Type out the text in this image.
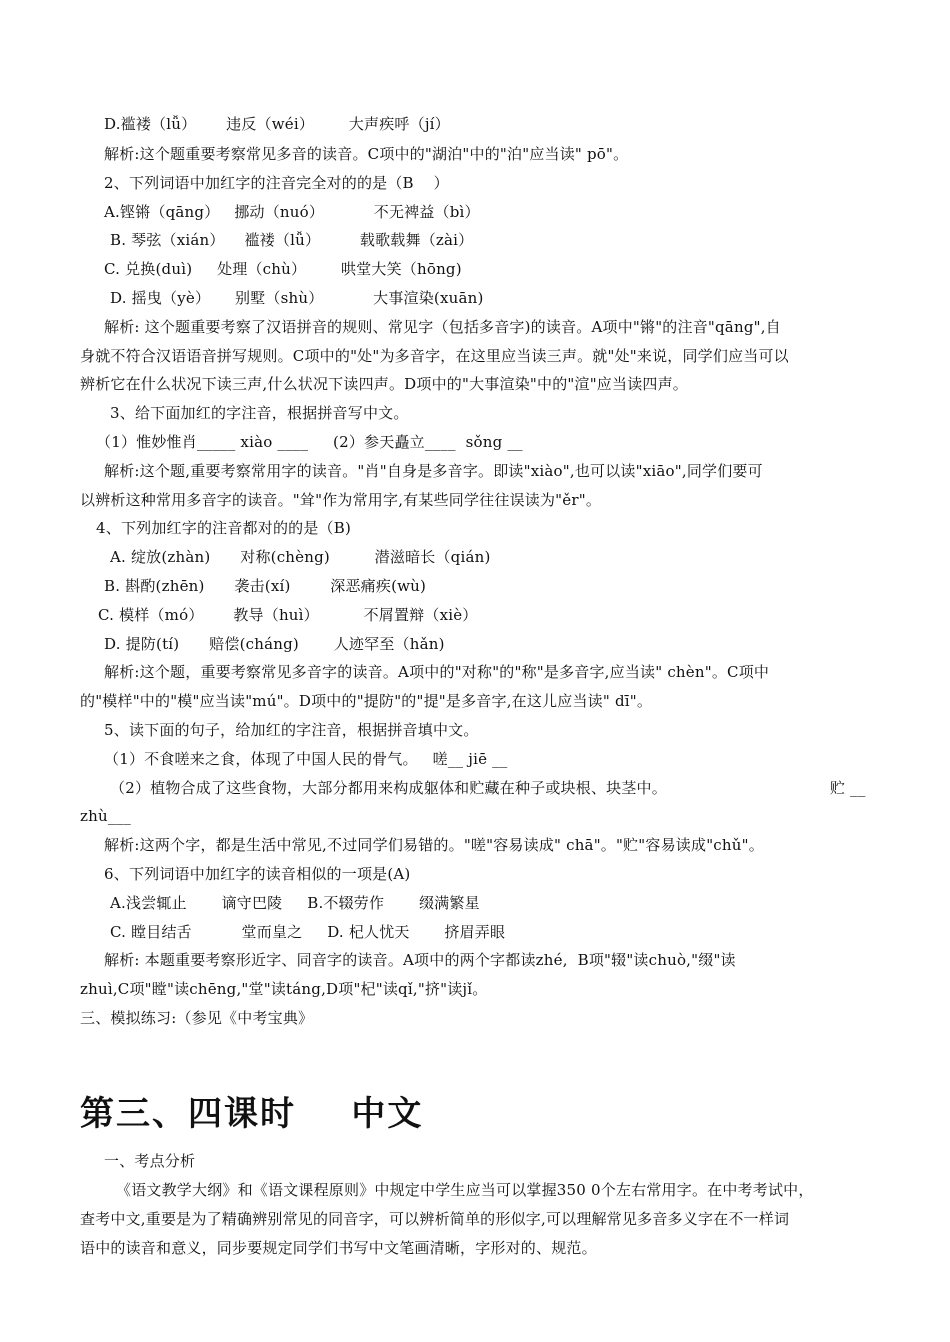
D.褴褛（lǚ）      违反（wéi）       大声疾呼（jí）
解析:这个题重要考察常见多音的读音。C项中的"湖泊"中的"泊"应当读" pō"。
2、下列词语中加红字的注音完全对的的是（B    ）
A.铿锵（qāng）   挪动（nuó）          不无裨益（bì）
B. 琴弦（xián）    褴褛（lǚ）        载歌载舞（zài）
C. 兑换(duì)     处理（chù）       哄堂大笑（hōng)
D. 摇曳（yè）     别墅（shù）          大事渲染(xuān)
解析: 这个题重要考察了汉语拼音的规则、常见字（包括多音字)的读音。A项中"锵"的注音"qāng",自
身就不符合汉语语音拼写规则。C项中的"处"为多音字，在这里应当读三声。就"处"来说，同学们应当可以
辨析它在什么状况下读三声,什么状况下读四声。D项中的"大事渲染"中的"渲"应当读四声。
3、给下面加红的字注音，根据拼音写中文。
（1）惟妙惟肖_____ xiào ____     (2）参天矗立____  sǒng __
解析:这个题,重要考察常用字的读音。"肖"自身是多音字。即读"xiào",也可以读"xiāo",同学们要可
以辨析这种常用多音字的读音。"耸"作为常用字,有某些同学往往误读为"ěr"。
4、下列加红字的注音都对的的是（B)
A. 绽放(zhàn)      对称(chèng)         潜滋暗长（qián)
B. 斟酌(zhēn)      袭击(xí)        深恶痛疾(wù)
C. 模样（mó）      教导（huì）         不屑置辩（xiè）
D. 提防(tí)      赔偿(cháng)       人迹罕至（hǎn)
解析:这个题，重要考察常见多音字的读音。A项中的"对称"的"称"是多音字,应当读" chèn"。C项中
的"模样"中的"模"应当读"mú"。D项中的"提防"的"提"是多音字,在这儿应当读" dī"。
5、读下面的句子，给加红的字注音，根据拼音填中文。
（1）不食嗟来之食，体现了中国人民的骨气。   嗟__ jiē __
（2）植物合成了这些食物，大部分都用来构成躯体和贮藏在种子或块根、块茎中。	贮 __
zhù___
解析:这两个字，都是生活中常见,不过同学们易错的。"嗟"容易读成" chā"。"贮"容易读成"chǔ"。
6、下列词语中加红字的读音相似的一项是(A)
A.浅尝辄止       谪守巴陵     B.不辍劳作       缀满繁星
C. 瞠目结舌          堂而皇之     D. 杞人忧天       挤眉弄眼
解析: 本题重要考察形近字、同音字的读音。A项中的两个字都读zhé,  B项"辍"读chuò,"缀"读
zhuì,C项"瞠"读chēng,"堂"读táng,D项"杞"读qǐ,"挤"读jǐ。
三、模拟练习:（参见《中考宝典》
第三、四课时    中文
一、考点分析
《语文教学大纲》和《语文课程原则》中规定中学生应当可以掌握350 0个左右常用字。在中考考试中，
查考中文,重要是为了精确辨别常见的同音字，可以辨析简单的形似字,可以理解常见多音多义字在不一样词
语中的读音和意义，同步要规定同学们书写中文笔画清晰，字形对的、规范。
